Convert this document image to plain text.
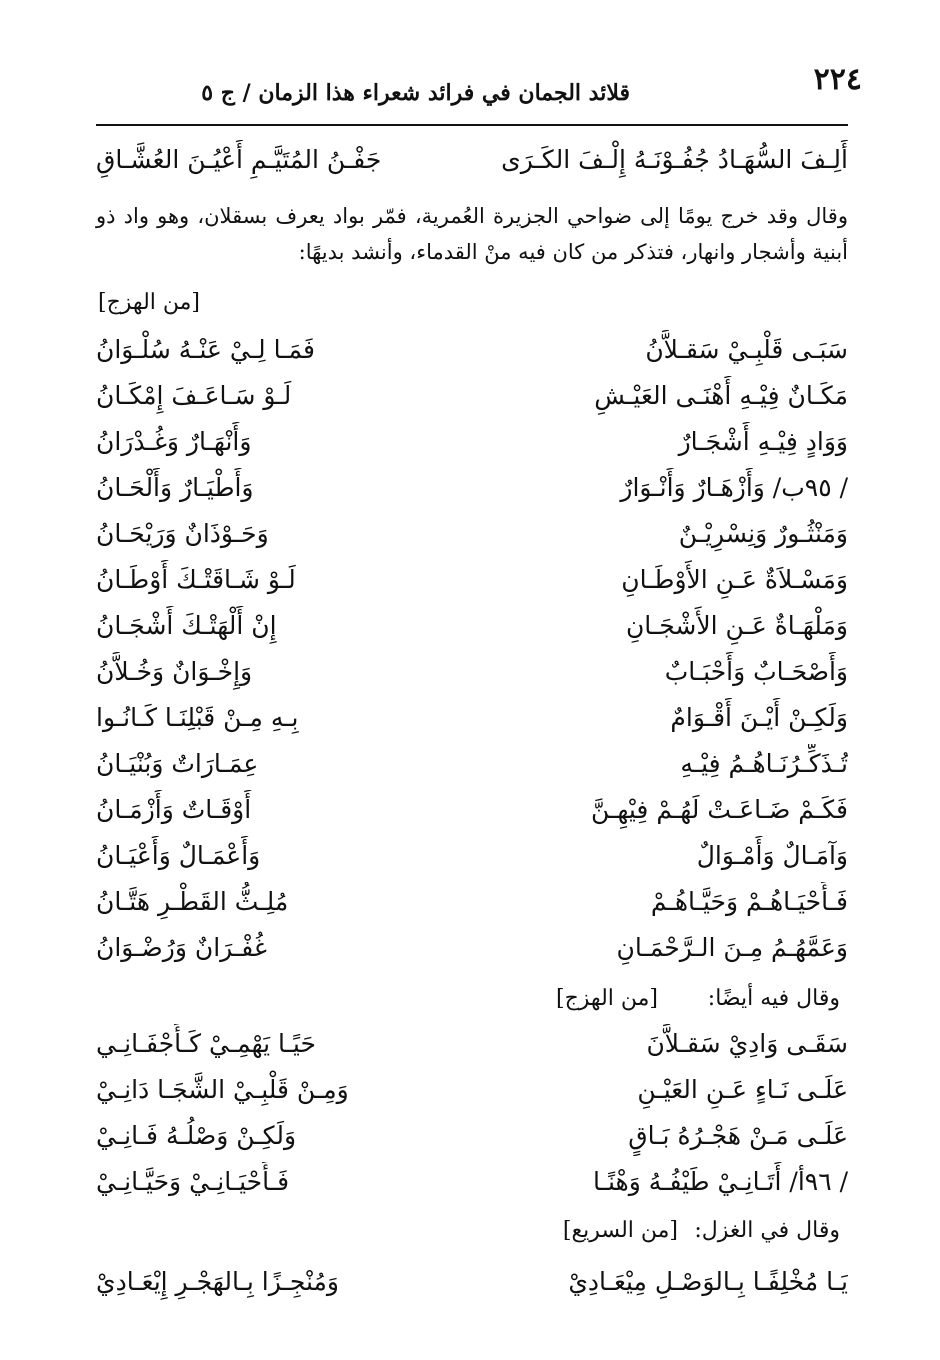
٢٢٤
قلائد الجمان في فرائد شعراء هذا الزمان / ج ٥
أَلِـفَ السُّهَـادُ جُفُـوْنَـهُ إِلْـفَ الكَـرَى
جَفْـنُ المُتَيَّـمِ أَعْيُـنَ العُشَّـاقِ
وقال وقد خرج يومًا إلى ضواحي الجزيرة العُمرية، فمّر بواد يعرف بسقلان، وهو واد ذو أبنية وأشجار وانهار، فتذكر من كان فيه منْ القدماء، وأنشد بديهًا:
[من الهزج]
سَبَـى قَلْبِـيْ سَقـلاَّنُ
فَمَـا لِـيْ عَنْـهُ سُلْـوَانُ
مَكَـانٌ فِيْـهِ أَهْنَـى العَيْـشِ
لَـوْ سَـاعَـفَ إِمْكَـانُ
وَوَادٍ فِيْـهِ أَشْجَـارٌ
وَأَنْهَـارٌ وَغُـدْرَانُ
/ ٩٥ب/ وَأَزْهَـارٌ وَأَنْـوَارٌ
وَأَطْيَـارٌ وَأَلْحَـانُ
وَمَنْثُـورٌ وَنِسْرِيْـنٌ
وَحَـوْذَانٌ وَرَيْحَـانُ
وَمَسْـلاَةٌ عَـنِ الأَوْطَـانِ
لَـوْ شَـاقَتْـكَ أَوْطَـانُ
وَمَلْهَـاةٌ عَـنِ الأَشْجَـانِ
إِنْ أَلْهَتْـكَ أَشْجَـانُ
وَأَصْحَـابٌ وَأَحْبَـابٌ
وَإِخْـوَانٌ وَخُـلاَّنُ
وَلَكِـنْ أَيْـنَ أَقْـوَامٌ
بِـهِ مِـنْ قَبْلِنَـا كَـانُـوا
تُـذَكِّـرُنَـاهُـمُ فِيْـهِ
عِمَـارَاتٌ وَبُنْيَـانُ
فَكَـمْ ضَـاعَـتْ لَهُـمْ فِيْهِـنَّ
أَوْقَـاتٌ وَأَزْمَـانُ
وَآمَـالٌ وَأَمْـوَالٌ
وَأَعْمَـالٌ وَأَعْيَـانُ
فَـأَحْيَـاهُـمْ وَحَيَّـاهُـمْ
مُلِـثُّ القَطْـرِ هَتَّـانُ
وَعَمَّهُـمُ مِـنَ الـرَّحْمَـانِ
غُفْـرَانٌ وَرُضْـوَانُ
وقال فيه أيضًا:
[من الهزج]
سَقَـى وَادِيْ سَقـلاَّنَ
حَيًـا يَهْمِـيْ كَـأَجْفَـانِـي
عَلَـى نَـاءٍ عَـنِ العَيْـنِ
وَمِـنْ قَلْبِـيْ الشَّجَـا دَانِـيْ
عَلَـى مَـنْ هَجْـرُهُ بَـاقٍ
وَلَكِـنْ وَصْلُـهُ فَـانِـيْ
/ ٩٦أ/ أَتَـانِـيْ طَيْفُـهُ وَهْنًـا
فَـأَحْيَـانِـيْ وَحَيَّـانِـيْ
وقال في الغزل:
[من السريع]
يَـا مُخْلِفًـا بِـالوَصْـلِ مِيْعَـادِيْ
وَمُنْجِـزًا بِـالهَجْـرِ إِيْعَـادِيْ
